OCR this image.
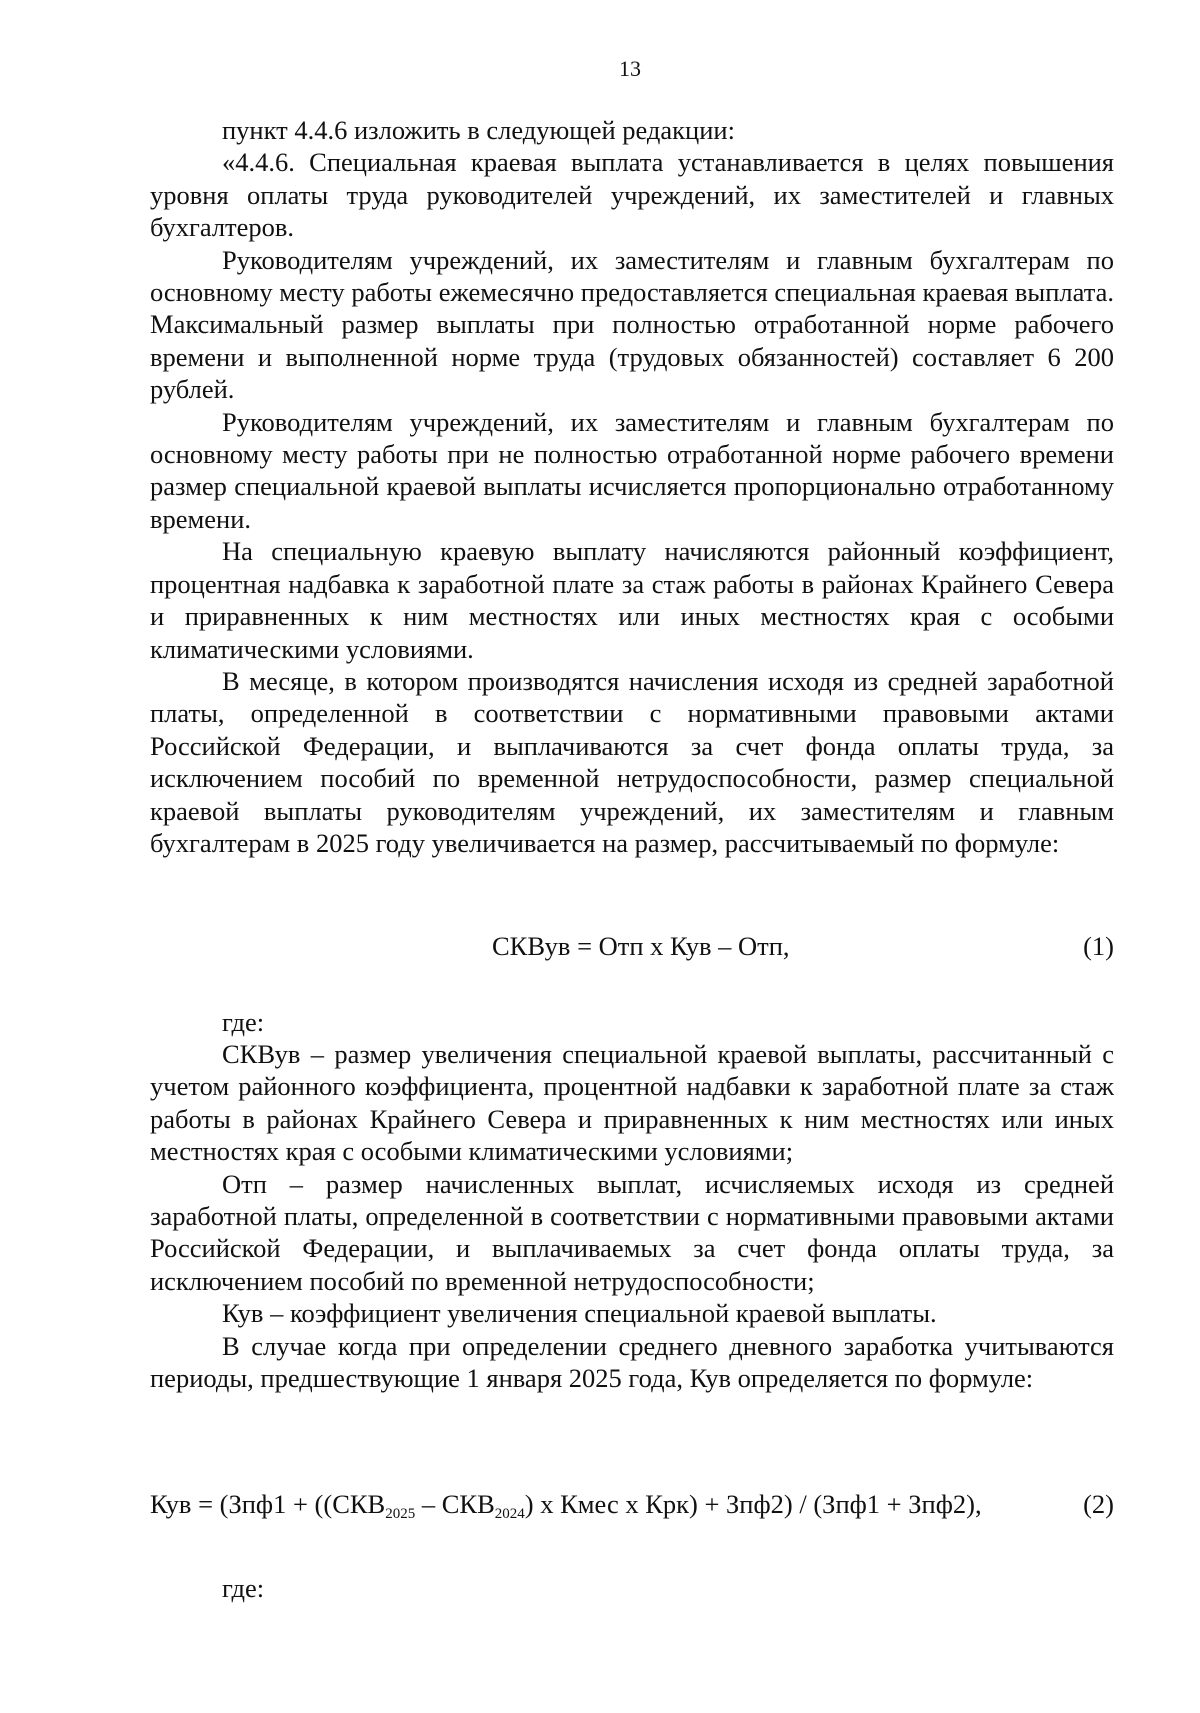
13

пункт 4.4.6 изложить в следующей редакции:

«4.4.6. Специальная краевая выплата устанавливается в целях повышения уровня оплаты труда руководителей учреждений, их заместителей и главных бухгалтеров.

Руководителям учреждений, их заместителям и главным бухгалтерам по основному месту работы ежемесячно предоставляется специальная краевая выплата. Максимальный размер выплаты при полностью отработанной норме рабочего времени и выполненной норме труда (трудовых обязанностей) составляет 6 200 рублей.

Руководителям учреждений, их заместителям и главным бухгалтерам по основному месту работы при не полностью отработанной норме рабочего времени размер специальной краевой выплаты исчисляется пропорционально отработанному времени.

На специальную краевую выплату начисляются районный коэффициент, процентная надбавка к заработной плате за стаж работы в районах Крайнего Севера и приравненных к ним местностях или иных местностях края с особыми климатическими условиями.

В месяце, в котором производятся начисления исходя из средней заработной платы, определенной в соответствии с нормативными правовыми актами Российской Федерации, и выплачиваются за счет фонда оплаты труда, за исключением пособий по временной нетрудоспособности, размер специальной краевой выплаты руководителям учреждений, их заместителям и главным бухгалтерам в 2025 году увеличивается на размер, рассчитываемый по формуле:

СКВув = Отп х Кув – Отп,	(1)
где:

СКВув – размер увеличения специальной краевой выплаты, рассчитанный с учетом районного коэффициента, процентной надбавки к заработной плате за стаж работы в районах Крайнего Севера и приравненных к ним местностях или иных местностях края с особыми климатическими условиями;

Отп – размер начисленных выплат, исчисляемых исходя из средней заработной платы, определенной в соответствии с нормативными правовыми актами Российской Федерации, и выплачиваемых за счет фонда оплаты труда, за исключением пособий по временной нетрудоспособности;

Кув – коэффициент увеличения специальной краевой выплаты.

В случае когда при определении среднего дневного заработка учитываются периоды, предшествующие 1 января 2025 года, Кув определяется по формуле:

Кув = ($Зпф1 + ((СКВ_{2025} - СКВ_{2024})$ х Кмес х Крк) + Зпф2) / (Зпф1 + Зпф2),	(2)
где:
